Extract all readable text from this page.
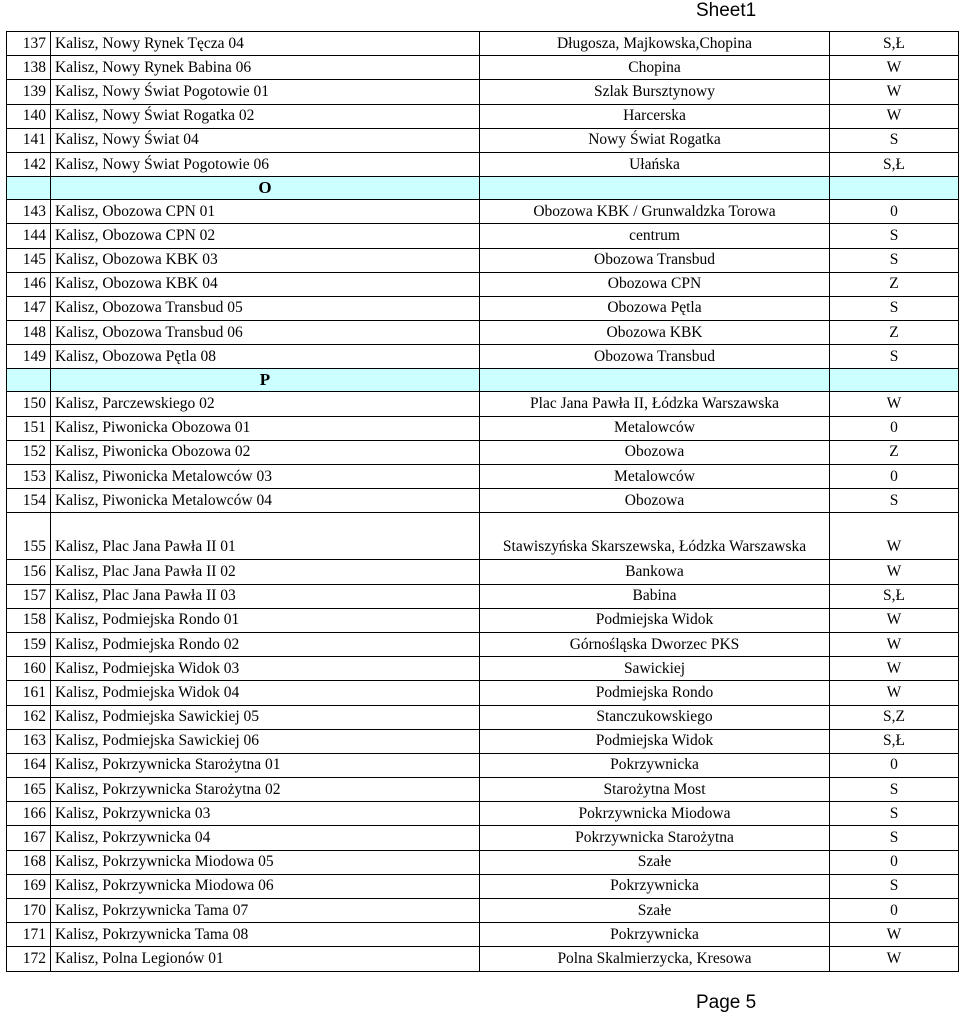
Sheet1
137	Kalisz, Nowy Rynek Tęcza 04	Długosza, Majkowska,Chopina	S,Ł
138	Kalisz, Nowy Rynek Babina 06	Chopina	W
139	Kalisz, Nowy Świat Pogotowie 01	Szlak Bursztynowy	W
140	Kalisz, Nowy Świat Rogatka 02	Harcerska	W
141	Kalisz, Nowy Świat 04	Nowy Świat Rogatka	S
142	Kalisz, Nowy Świat Pogotowie 06	Ułańska	S,Ł
	O		
143	Kalisz, Obozowa CPN 01	Obozowa KBK / Grunwaldzka Torowa	0
144	Kalisz, Obozowa CPN 02	centrum	S
145	Kalisz, Obozowa KBK 03	Obozowa Transbud	S
146	Kalisz, Obozowa KBK 04	Obozowa CPN	Z
147	Kalisz, Obozowa Transbud 05	Obozowa Pętla	S
148	Kalisz, Obozowa Transbud 06	Obozowa KBK	Z
149	Kalisz, Obozowa Pętla 08	Obozowa Transbud	S
	P		
150	Kalisz, Parczewskiego 02	Plac Jana Pawła II, Łódzka Warszawska	W
151	Kalisz, Piwonicka Obozowa 01	Metalowców	0
152	Kalisz, Piwonicka Obozowa 02	Obozowa	Z
153	Kalisz, Piwonicka Metalowców 03	Metalowców	0
154	Kalisz, Piwonicka Metalowców 04	Obozowa	S
155	Kalisz, Plac Jana Pawła II 01	Stawiszyńska Skarszewska, Łódzka Warszawska	W
156	Kalisz, Plac Jana Pawła II 02	Bankowa	W
157	Kalisz, Plac Jana Pawła II 03	Babina	S,Ł
158	Kalisz, Podmiejska Rondo 01	Podmiejska Widok	W
159	Kalisz, Podmiejska Rondo 02	Górnośląska Dworzec PKS	W
160	Kalisz, Podmiejska Widok 03	Sawickiej	W
161	Kalisz, Podmiejska Widok 04	Podmiejska Rondo	W
162	Kalisz, Podmiejska Sawickiej 05	Stanczukowskiego	S,Z
163	Kalisz, Podmiejska Sawickiej 06	Podmiejska Widok	S,Ł
164	Kalisz, Pokrzywnicka Starożytna 01	Pokrzywnicka	0
165	Kalisz, Pokrzywnicka Starożytna 02	Starożytna Most	S
166	Kalisz, Pokrzywnicka 03	Pokrzywnicka Miodowa	S
167	Kalisz, Pokrzywnicka 04	Pokrzywnicka Starożytna	S
168	Kalisz, Pokrzywnicka Miodowa 05	Szałe	0
169	Kalisz, Pokrzywnicka Miodowa 06	Pokrzywnicka	S
170	Kalisz, Pokrzywnicka Tama 07	Szałe	0
171	Kalisz, Pokrzywnicka Tama 08	Pokrzywnicka	W
172	Kalisz, Polna Legionów 01	Polna Skalmierzycka, Kresowa	W
Page 5
